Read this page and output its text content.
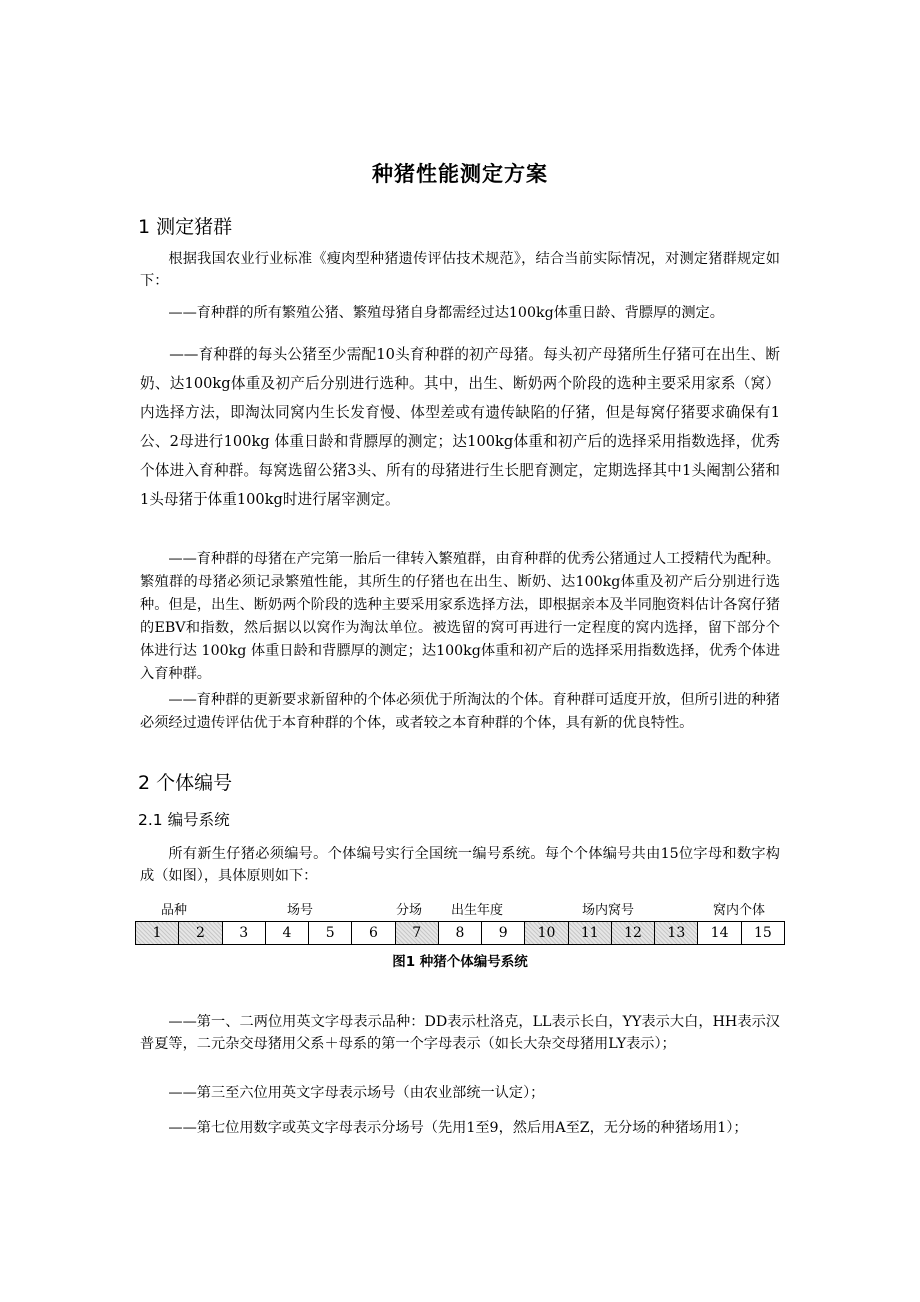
种猪性能测定方案
1 测定猪群

根据我国农业行业标准《瘦肉型种猪遗传评估技术规范》，结合当前实际情况，对测定猪群规定如下：

——育种群的所有繁殖公猪、繁殖母猪自身都需经过达100kg体重日龄、背膘厚的测定。

——育种群的每头公猪至少需配10头育种群的初产母猪。每头初产母猪所生仔猪可在出生、断奶、达100kg体重及初产后分别进行选种。其中，出生、断奶两个阶段的选种主要采用家系（窝）内选择方法，即淘汰同窝内生长发育慢、体型差或有遗传缺陷的仔猪，但是每窝仔猪要求确保有1公、2母进行100kg 体重日龄和背膘厚的测定；达100kg体重和初产后的选择采用指数选择，优秀个体进入育种群。每窝选留公猪3头、所有的母猪进行生长肥育测定，定期选择其中1头阉割公猪和1头母猪于体重100kg时进行屠宰测定。

——育种群的母猪在产完第一胎后一律转入繁殖群，由育种群的优秀公猪通过人工授精代为配种。繁殖群的母猪必须记录繁殖性能，其所生的仔猪也在出生、断奶、达100kg体重及初产后分别进行选种。但是，出生、断奶两个阶段的选种主要采用家系选择方法，即根据亲本及半同胞资料估计各窝仔猪的EBV和指数，然后据以以窝作为淘汰单位。被选留的窝可再进行一定程度的窝内选择，留下部分个体进行达 100kg 体重日龄和背膘厚的测定；达100kg体重和初产后的选择采用指数选择，优秀个体进入育种群。

——育种群的更新要求新留种的个体必须优于所淘汰的个体。育种群可适度开放，但所引进的种猪必须经过遗传评估优于本育种群的个体，或者较之本育种群的个体，具有新的优良特性。

2 个体编号
2.1 编号系统

所有新生仔猪必须编号。个体编号实行全国统一编号系统。每个个体编号共由15位字母和数字构成（如图），具体原则如下：

品种	场号	分场 出生年度	场内窝号	窝内个体
1	2	3	4	5	6	7	8	9	10	11	12	13	14	15
图1 种猪个体编号系统

——第一、二两位用英文字母表示品种：DD表示杜洛克，LL表示长白，YY表示大白，HH表示汉普夏等，二元杂交母猪用父系＋母系的第一个字母表示（如长大杂交母猪用LY表示）；

——第三至六位用英文字母表示场号（由农业部统一认定）；

——第七位用数字或英文字母表示分场号（先用1至9，然后用A至Z，无分场的种猪场用1）；
